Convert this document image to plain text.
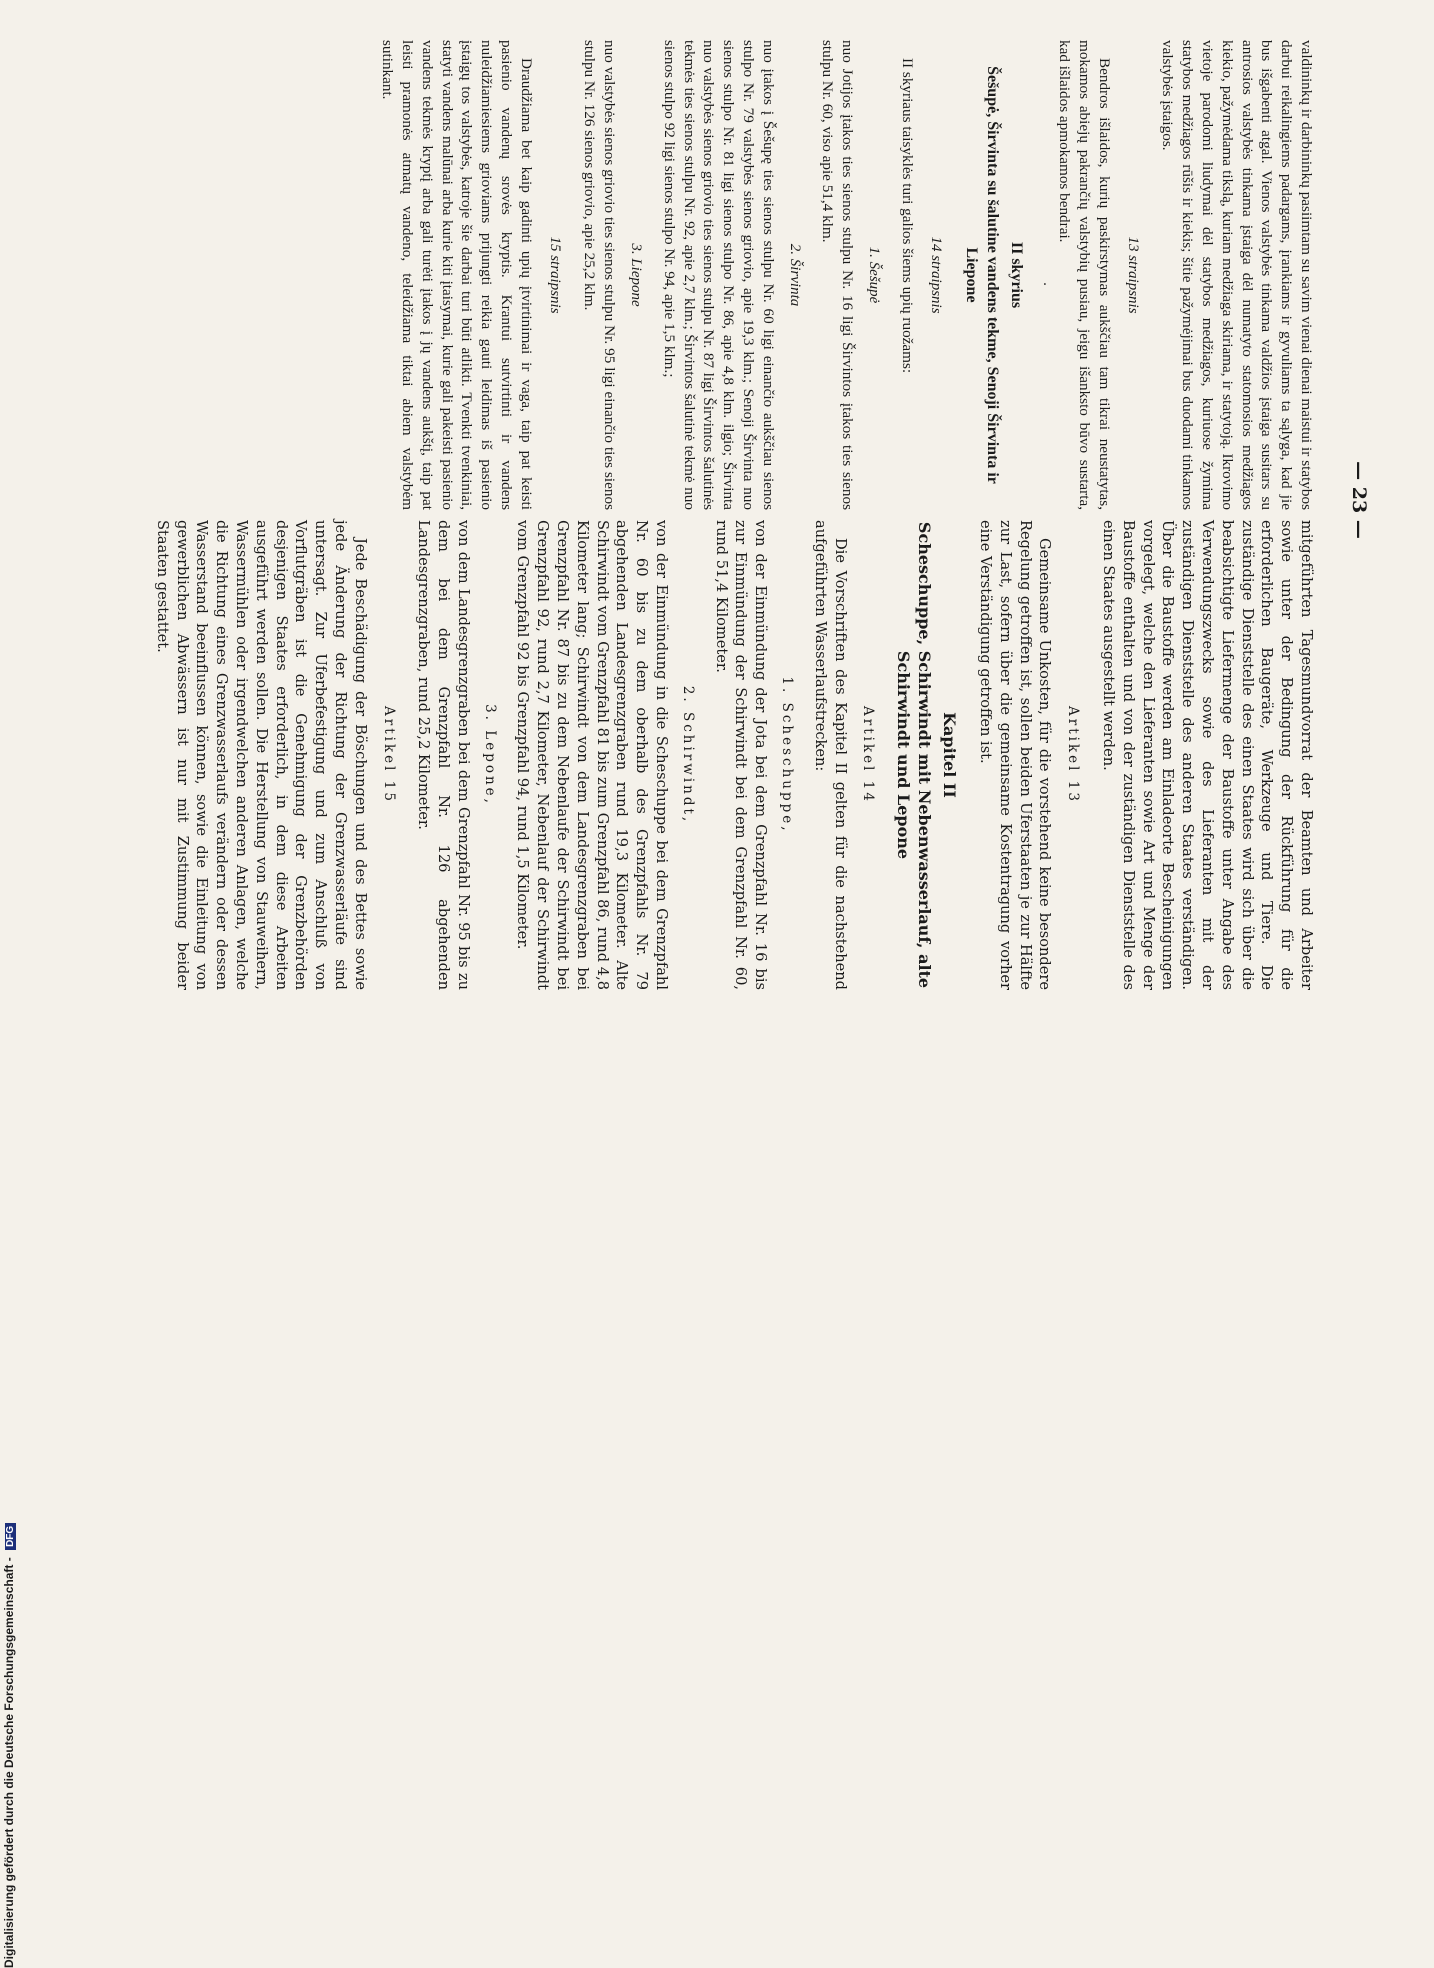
— 23 —

valdininkų ir darbininkų pasiimtam su savim vienai dienai maistui ir statybos darbui reikalingiems padargams, įrankiams ir gyvuliams ta sąlyga, kad jie bus išgabenti atgal. Vienos valstybės tinkama valdžios įstaiga susitars su antrosios valstybės tinkama įstaiga dėl numatyto statomosios medžiagos kiekio, pažymėdama tikslą, kuriam medžiaga skiriama, ir statytoją. Ikrovimo vietoje parodomi liudymai dėl statybos medžiagos, kuriuose žymima statybos medžiagos rūšis ir kiekis; šitie pažymėjimai bus duodami tinkamos valstybės įstaigos.

13 straipsnis

Bendros išlaidos, kurių paskirstymas aukščiau tam tikrai neustatytas, mokamos abiejų pakrančių valstybių pusiau, jeigu išankstо būvo sustarta, kad išlaidos apmokamos bendrai.

.

II skyrius
Šešupė, Širvinta su šalutine vandens tekme, Senoji Širvinta ir Liepone
14 straipsnis

II skyriaus taisyklės turi galios šiems upių ruožams:

1. Šešupė

nuo Jotijos įtakos ties sienos stulpu Nr. 16 ligi Širvintos įtakos ties sienos stulpu Nr. 60, viso apie 51,4 klm.

2. Širvinta

nuo įtakos į Šešupę ties sienos stulpu Nr. 60 ligi einančio aukščiau sienos stulpo Nr. 79 valstybės sienos griovio, apie 19,3 klm.; Senoji Širvinta nuo sienos stulpo Nr. 81 ligi sienos stulpo Nr. 86, apie 4,8 klm. ilgio; Širvinta nuo valstybės sienos griovio ties sienos stulpu Nr. 87 ligi Širvintos šalutinės tekmės ties sienos stulpu Nr. 92, apie 2,7 klm.; Širvintos šalutinė tekmė nuo sienos stulpo 92 ligi sienos stulpo Nr. 94, apie 1,5 klm.;

3. Liepone

nuo valstybės sienos griovio ties sienos stulpu Nr. 95 ligi einančio ties sienos stulpu Nr. 126 sienos griovio, apie 25,2 klm.

15 straipsnis

Draudžiama bet kaip gadinti upių įtvirtinimai ir vaga, taip pat keisti pasienio vandenų srovės kryptis. Krantui sutvirtinti ir vandens nuleidžiamiesiems grioviams prijungti reikia gauti leidimas iš pasienio įstaigų tos valstybės, katroje šie darbai turi būti atlikti. Tvenkti tvenkiniai, statyti vandens malūnai arba kurie kiti įtaisymai, kurie gali pakeisti pasienio vandens tekmės kryptį arba gali turėti įtakos į jų vandens aukštį, taip pat leisti pramonės atmatų vandeno, teleidžiama tiktai abiem valstybėm sutinkant.

mitgeführten Tagesmundvorrat der Beamten und Arbeiter sowie unter der Bedingung der Rückführung für die erforderlichen Baugeräte, Werkzeuge und Tiere. Die zuständige Dienststelle des einen Staates wird sich über die beabsichtigte Liefermenge der Baustoffe unter Angabe des Verwendungszwecks sowie des Lieferanten mit der zuständigen Dienststelle des anderen Staates verständigen. Über die Baustoffe werden am Einladeorte Bescheinigungen vorgelegt, welche den Lieferanten sowie Art und Menge der Baustoffe enthalten und von der zuständigen Dienststelle des einen Staates ausgestellt werden.

Artikel 13

Gemeinsame Unkosten, für die vorstehend keine besondere Regelung getroffen ist, sollen beiden Uferstaaten je zur Hälfte zur Last, sofern über die gemeinsame Kostentragung vorher eine Verständigung getroffen ist.

Kapitel II
Scheschuppe, Schirwindt mit Nebenwasserlauf, alte Schirwindt und Lepone
Artikel 14

Die Vorschriften des Kapitel II gelten für die nachstehend aufgeführten Wasserlaufstrecken:

1. Scheschuppe,

von der Einmündung der Jota bei dem Grenzpfahl Nr. 16 bis zur Einmündung der Schirwindt bei dem Grenzpfahl Nr. 60, rund 51,4 Kilometer.

2. Schirwindt,

von der Einmündung in die Scheschuppe bei dem Grenzpfahl Nr. 60 bis zu dem oberhalb des Grenzpfahls Nr. 79 abgehenden Landesgrenzgraben rund 19,3 Kilometer. Alte Schirwindt vom Grenzpfahl 81 bis zum Grenzpfahl 86, rund 4,8 Kilometer lang; Schirwindt von dem Landesgrenzgraben bei Grenzpfahl Nr. 87 bis zu dem Nebenlaufe der Schirwindt bei Grenzpfahl 92, rund 2,7 Kilometer, Nebenlauf der Schirwindt vom Grenzpfahl 92 bis Grenzpfahl 94, rund 1,5 Kilometer.

3. Lepone,

von dem Landesgrenzgraben bei dem Grenzpfahl Nr. 95 bis zu dem bei dem Grenzpfahl Nr. 126 abgehenden Landesgrenzgraben, rund 25,2 Kilometer.

Artikel 15

Jede Beschädigung der Böschungen und des Bettes sowie jede Änderung der Richtung der Grenzwasserläufe sind untersagt. Zur Uferbefestigung und zum Anschluß von Vorflutgräben ist die Genehmigung der Grenzbehörden desjenigen Staates erforderlich, in dem diese Arbeiten ausgeführt werden sollen. Die Herstellung von Stauweihern, Wassermühlen oder irgendwelchen anderen Anlagen, welche die Richtung eines Grenzwasserlaufs verändern oder dessen Wasserstand beeinflussen können, sowie die Einleitung von gewerblichen Abwässern ist nur mit Zustimmung beider Staaten gestattet.

Digitalisierung gefördert durch die Deutsche Forschungsgemeinschaft - DFG
